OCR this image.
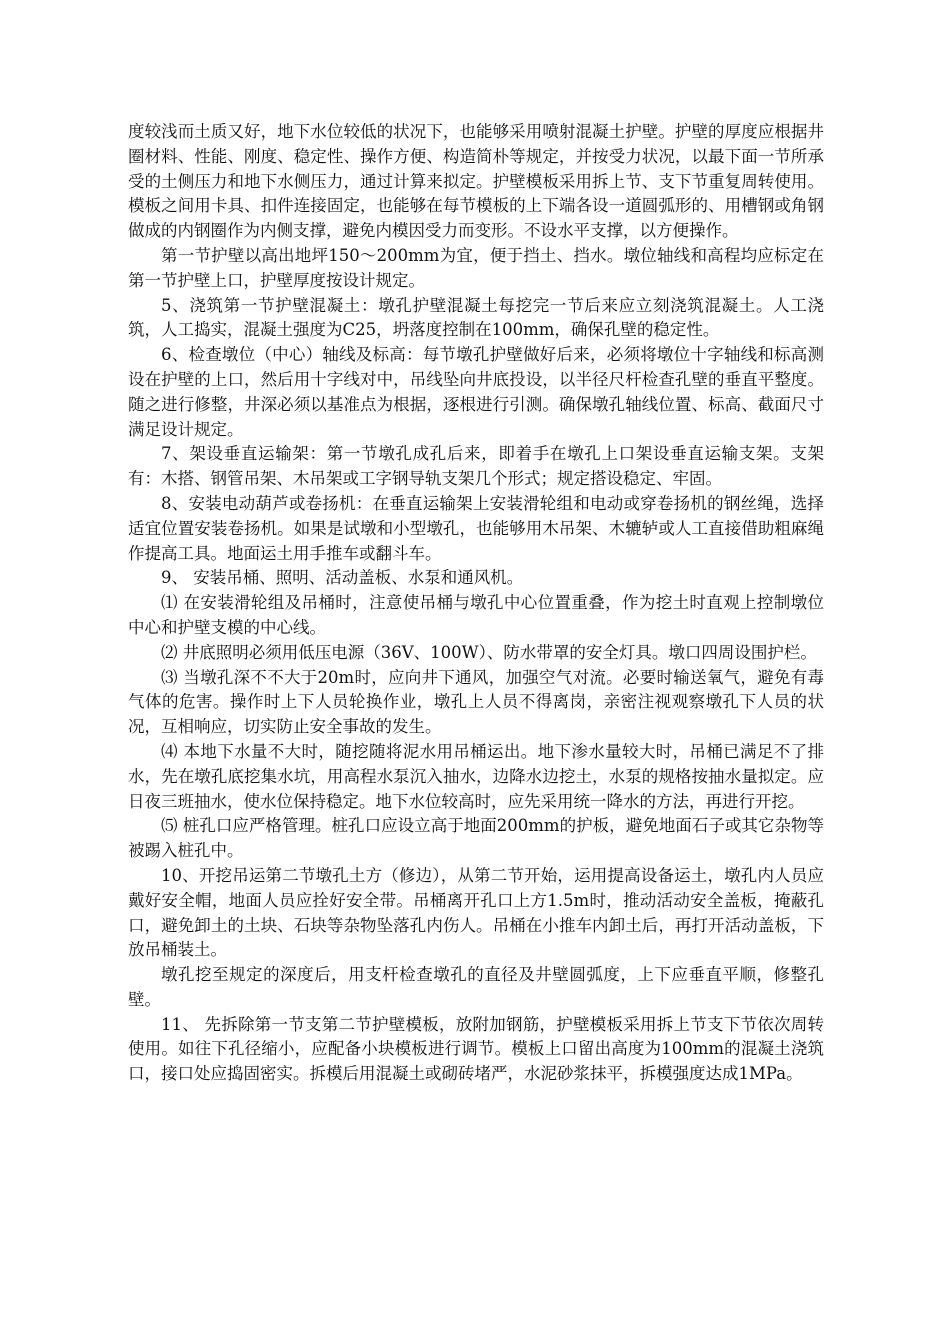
度较浅而土质又好，地下水位较低的状况下，也能够采用喷射混凝土护壁。护壁的厚度应根据井圈材料、性能、刚度、稳定性、操作方便、构造简朴等规定，并按受力状况，以最下面一节所承受的土侧压力和地下水侧压力，通过计算来拟定。护壁模板采用拆上节、支下节重复周转使用。模板之间用卡具、扣件连接固定，也能够在每节模板的上下端各设一道圆弧形的、用槽钢或角钢做成的内钢圈作为内侧支撑，避免内模因受力而变形。不设水平支撑，以方便操作。

第一节护壁以高出地坪150～200mm为宜，便于挡土、挡水。墩位轴线和高程均应标定在第一节护壁上口，护壁厚度按设计规定。

5、浇筑第一节护壁混凝土：墩孔护壁混凝土每挖完一节后来应立刻浇筑混凝土。人工浇筑，人工捣实，混凝土强度为C25，坍落度控制在100mm，确保孔壁的稳定性。

6、检查墩位（中心）轴线及标高：每节墩孔护壁做好后来，必须将墩位十字轴线和标高测设在护壁的上口，然后用十字线对中，吊线坠向井底投设，以半径尺杆检查孔壁的垂直平整度。随之进行修整，井深必须以基准点为根据，逐根进行引测。确保墩孔轴线位置、标高、截面尺寸满足设计规定。

7、架设垂直运输架：第一节墩孔成孔后来，即着手在墩孔上口架设垂直运输支架。支架有：木搭、钢管吊架、木吊架或工字钢导轨支架几个形式；规定搭设稳定、牢固。

8、安装电动葫芦或卷扬机：在垂直运输架上安装滑轮组和电动或穿卷扬机的钢丝绳，选择适宜位置安装卷扬机。如果是试墩和小型墩孔，也能够用木吊架、木辘轳或人工直接借助粗麻绳作提高工具。地面运土用手推车或翻斗车。

9、 安装吊桶、照明、活动盖板、水泵和通风机。

⑴ 在安装滑轮组及吊桶时，注意使吊桶与墩孔中心位置重叠，作为挖土时直观上控制墩位中心和护壁支模的中心线。

⑵ 井底照明必须用低压电源（36V、100W）、防水带罩的安全灯具。墩口四周设围护栏。

⑶ 当墩孔深不不大于20m时，应向井下通风，加强空气对流。必要时输送氧气，避免有毒气体的危害。操作时上下人员轮换作业，墩孔上人员不得离岗，亲密注视观察墩孔下人员的状况，互相响应，切实防止安全事故的发生。

⑷ 本地下水量不大时，随挖随将泥水用吊桶运出。地下渗水量较大时，吊桶已满足不了排水，先在墩孔底挖集水坑，用高程水泵沉入抽水，边降水边挖土，水泵的规格按抽水量拟定。应日夜三班抽水，使水位保持稳定。地下水位较高时，应先采用统一降水的方法，再进行开挖。

⑸ 桩孔口应严格管理。桩孔口应设立高于地面200mm的护板，避免地面石子或其它杂物等被踢入桩孔中。

10、开挖吊运第二节墩孔土方（修边），从第二节开始，运用提高设备运土，墩孔内人员应戴好安全帽，地面人员应拴好安全带。吊桶离开孔口上方1.5m时，推动活动安全盖板，掩蔽孔口，避免卸土的土块、石块等杂物坠落孔内伤人。吊桶在小推车内卸土后，再打开活动盖板，下放吊桶装土。

墩孔挖至规定的深度后，用支杆检查墩孔的直径及井壁圆弧度，上下应垂直平顺，修整孔壁。

11、 先拆除第一节支第二节护壁模板，放附加钢筋，护壁模板采用拆上节支下节依次周转使用。如往下孔径缩小，应配备小块模板进行调节。模板上口留出高度为100mm的混凝土浇筑口，接口处应捣固密实。拆模后用混凝土或砌砖堵严，水泥砂浆抹平，拆模强度达成1MPa。
